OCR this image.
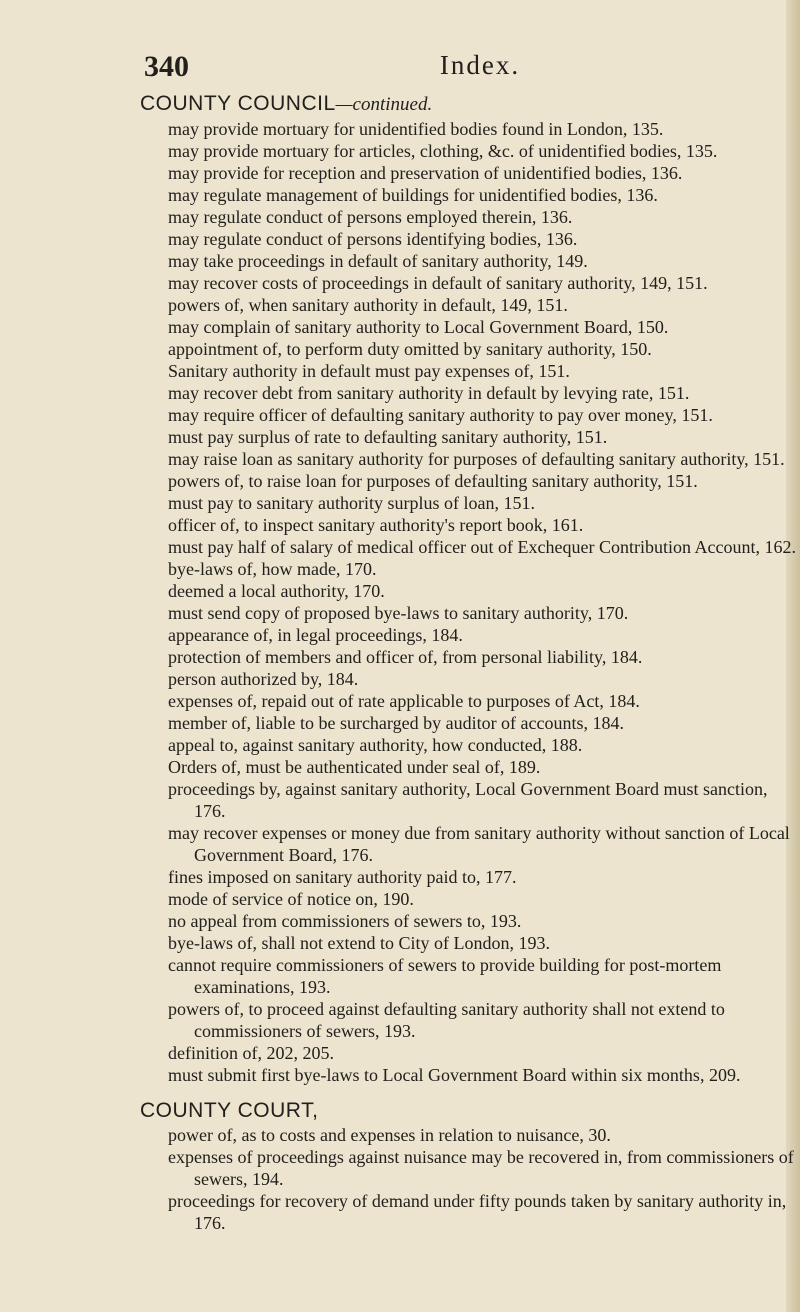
340	Index.
COUNTY COUNCIL—continued.
may provide mortuary for unidentified bodies found in London, 135.
may provide mortuary for articles, clothing, &c. of unidentified bodies, 135.
may provide for reception and preservation of unidentified bodies, 136.
may regulate management of buildings for unidentified bodies, 136.
may regulate conduct of persons employed therein, 136.
may regulate conduct of persons identifying bodies, 136.
may take proceedings in default of sanitary authority, 149.
may recover costs of proceedings in default of sanitary authority, 149, 151.
powers of, when sanitary authority in default, 149, 151.
may complain of sanitary authority to Local Government Board, 150.
appointment of, to perform duty omitted by sanitary authority, 150.
Sanitary authority in default must pay expenses of, 151.
may recover debt from sanitary authority in default by levying rate, 151.
may require officer of defaulting sanitary authority to pay over money, 151.
must pay surplus of rate to defaulting sanitary authority, 151.
may raise loan as sanitary authority for purposes of defaulting sanitary authority, 151.
powers of, to raise loan for purposes of defaulting sanitary authority, 151.
must pay to sanitary authority surplus of loan, 151.
officer of, to inspect sanitary authority's report book, 161.
must pay half of salary of medical officer out of Exchequer Contribution Account, 162.
bye-laws of, how made, 170.
deemed a local authority, 170.
must send copy of proposed bye-laws to sanitary authority, 170.
appearance of, in legal proceedings, 184.
protection of members and officer of, from personal liability, 184.
person authorized by, 184.
expenses of, repaid out of rate applicable to purposes of Act, 184.
member of, liable to be surcharged by auditor of accounts, 184.
appeal to, against sanitary authority, how conducted, 188.
Orders of, must be authenticated under seal of, 189.
proceedings by, against sanitary authority, Local Government Board must sanction, 176.
may recover expenses or money due from sanitary authority without sanction of Local Government Board, 176.
fines imposed on sanitary authority paid to, 177.
mode of service of notice on, 190.
no appeal from commissioners of sewers to, 193.
bye-laws of, shall not extend to City of London, 193.
cannot require commissioners of sewers to provide building for post-mortem examinations, 193.
powers of, to proceed against defaulting sanitary authority shall not extend to commissioners of sewers, 193.
definition of, 202, 205.
must submit first bye-laws to Local Government Board within six months, 209.
COUNTY COURT,
power of, as to costs and expenses in relation to nuisance, 30.
expenses of proceedings against nuisance may be recovered in, from commissioners of sewers, 194.
proceedings for recovery of demand under fifty pounds taken by sanitary authority in, 176.
